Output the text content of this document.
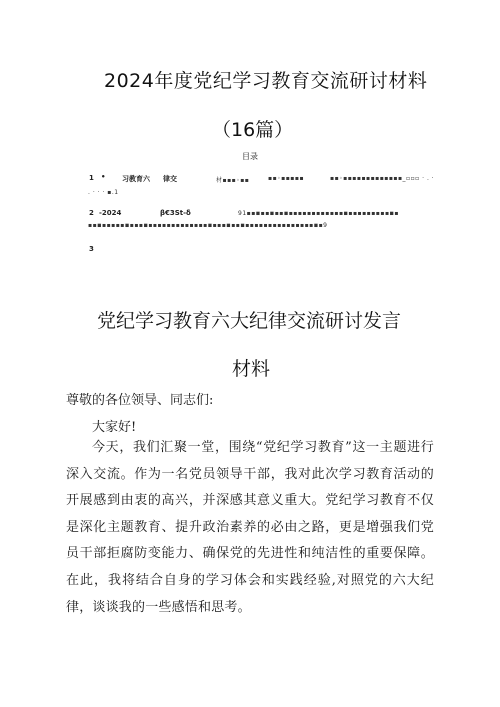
2024年度党纪学习教育交流研讨材料
（16篇）
目录
1 • 习教育六 律交	材▪▪▪◦▪▪	▪▪◦▪▪▪▪▪	▪▪◦▪▪▪▪▪▪▪▪▪▪▪▪▪_▫▫▫ · . ·
. · · · ▪.1
2 -2024	β€3St-δ	91▪▪◾▪▪◾▪▪◾▪▪▪▪▪▪▪▪▪▪▪▪◾▪▪▪▪▪▪▪▪▪◾▪
▪▪◾▪▪▪▪▪◾▪▪▪◾▪▪▪▪▪▪▪▪▪▪▪▪▪◾▪▪▪◾▪▪◾▪▪▪▪▪▪▪▪▪▪▪▪▪▪▪◾▪9
3
党纪学习教育六大纪律交流研讨发言
材料
尊敬的各位领导、同志们:
大家好!
今天，我们汇聚一堂，围绕“党纪学习教育”这一主题进行深入交流。作为一名党员领导干部，我对此次学习教育活动的开展感到由衷的高兴，并深感其意义重大。党纪学习教育不仅是深化主题教育、提升政治素养的必由之路，更是增强我们党员干部拒腐防变能力、确保党的先进性和纯洁性的重要保障。在此，我将结合自身的学习体会和实践经验,对照党的六大纪律，谈谈我的一些感悟和思考。
